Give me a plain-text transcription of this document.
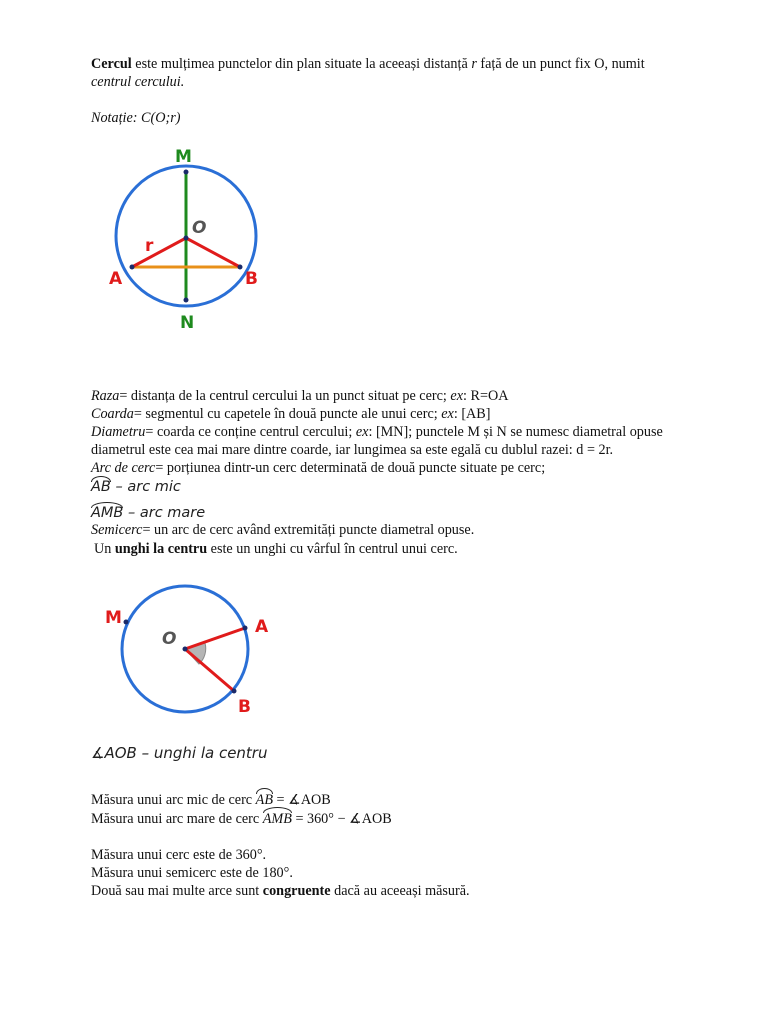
Cercul este mulțimea punctelor din plan situate la aceeași distanță r față de un punct fix O, numit
centrul cercului.
Notație: C(O;r)
M
O
r
A	B
N
Raza= distanța de la centrul cercului la un punct situat pe cerc; ex: R=OA
Coarda= segmentul cu capetele în două puncte ale unui cerc; ex: [AB]
Diametru= coarda ce conține centrul cercului; ex: [MN]; punctele M și N se numesc diametral opuse
diametrul este cea mai mare dintre coarde, iar lungimea sa este egală cu dublul razei: d = 2r.
Arc de cerc= porțiunea dintr-un cerc determinată de două puncte situate pe cerc;
AB – arc mic
AMB – arc mare
Semicerc= un arc de cerc având extremități puncte diametral opuse.
Un unghi la centru este un unghi cu vârful în centrul unui cerc.
M
O
A
B
∡AOB – unghi la centru
Măsura unui arc mic de cerc AB = ∡AOB
Măsura unui arc mare de cerc AMB = 360° − ∡AOB
Măsura unui cerc este de 360°.
Măsura unui semicerc este de 180°.
Două sau mai multe arce sunt congruente dacă au aceeași măsură.
